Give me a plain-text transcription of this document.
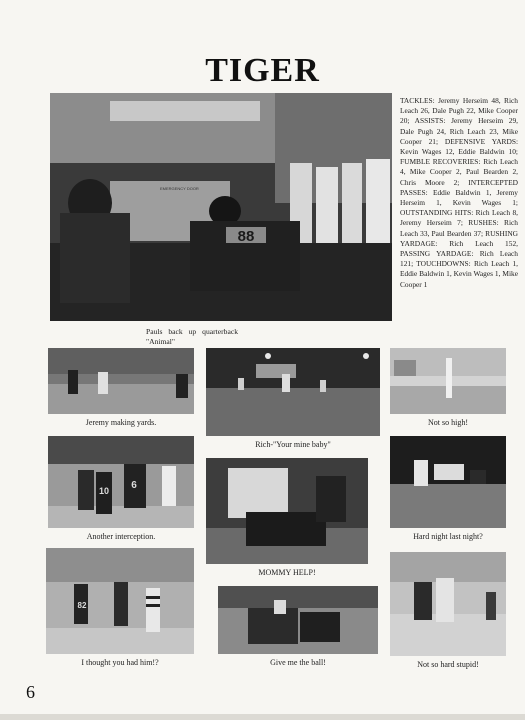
TIGER
88
EMERGENCY DOOR
TACKLES: Jeremy Herseim 48, Rich Leach 26, Dale Pugh 22, Mike Cooper 20; ASSISTS: Jeremy Herseim 29, Dale Pugh 24, Rich Leach 23, Mike Cooper 21; DEFENSIVE YARDS: Kevin Wages 12, Eddie Baldwin 10; FUMBLE RECOVERIES: Rich Leach 4, Mike Cooper 2, Paul Bearden 2, Chris Moore 2; INTERCEPTED PASSES: Eddie Baldwin 1, Jeremy Herseim 1, Kevin Wages 1; OUTSTANDING HITS: Rich Leach 8, Jeremy Herseim 7; RUSHES: Rich Leach 33, Paul Bearden 37; RUSHING YARDAGE: Rich Leach 152, PASSING YARDAGE: Rich Leach 121; TOUCHDOWNS: Rich Leach 1, Eddie Baldwin 1, Kevin Wages 1, Mike Cooper 1
Pauls back up quarterback "Animal"
Jeremy making yards.
Rich-"Your mine baby"
Not so high!
10 6
Another interception.
MOMMY HELP!
Hard night last night?
82
I thought you had him!?	Give me the ball!	Not so hard stupid!
6
